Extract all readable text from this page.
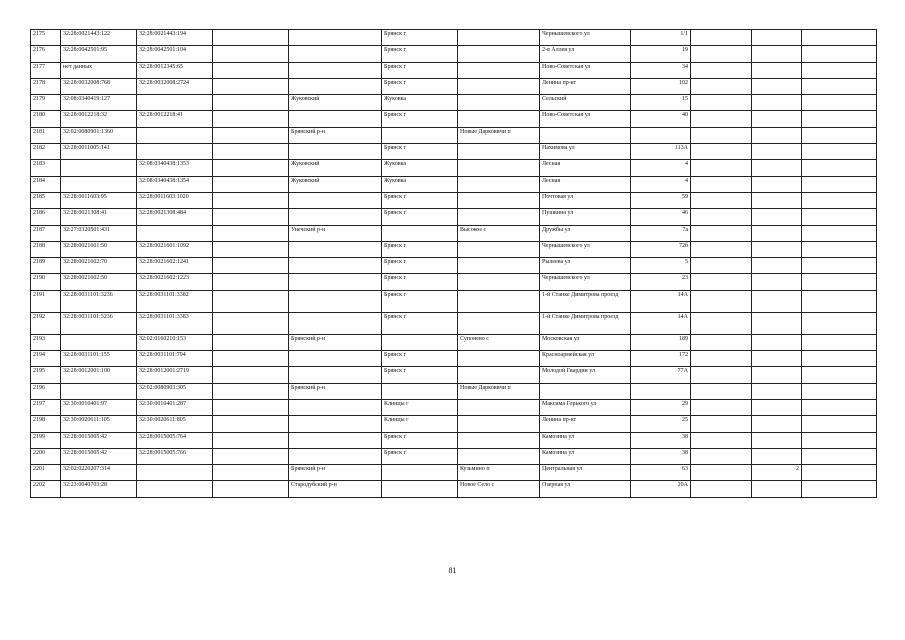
2175	32:28:0021443:122	32:28:0021443:194			Брянск г		Чернышевского ул	1/1			
2176	32:28:0042501:95	32:28:0042501:104			Брянск г		2-я Аллея ул	19			
2177	нет данных	32:28:0012345:65			Брянск г		Ново-Советская ул	34			
2178	32:28:0032008:768	32:28:0032008:2724			Брянск г		Ленина пр-кт	102			
2179	32:08:0340419:127			Жуковский	Жуковка		Сельский	15			
2180	32:28:0012218:32	32:28:0012218:41			Брянск г		Ново-Советская ул	40			
2181	32:02:0080901:1360			Брянский р-н		Новые Дарковичи п					
2182	32:28:0011005:141				Брянск г		Нахимова ул	113А			
2183		32:08:0340438:1353		Жуковский	Жуковка		Лесная	4			
2184		32:08:0340438:1354		Жуковский	Жуковка		Лесная	4			
2185	32:28:0011603:95	32:28:0011603:1020			Брянск г		Почтовая ул	59			
2186	32:28:0021308:41	32:28:0021308:484			Брянск г		Пушкина ул	46			
2187	32:27:0320501:431			Унечский р-н		Высокое с	Дружбы ул	7а			
2188	32:28:0021601:50	32:28:0021601:1092			Брянск г		Чернышевского ул	72б			
2189	32:28:0021602:70	32:28:0021602:1241			Брянск г		Рылеева ул	5			
2190	32:28:0021602:50	32:28:0021602:1223			Брянск г		Чернышевского ул	23			
2191	32:28:0031101:3236	32:28:0031101:3382			Брянск г		1-й Станке Димитрова проезд	14А			
2192	32:28:0031101:3236	32:28:0031101:3383			Брянск г		1-й Станке Димитрова проезд	14А			
2193		32:02:0160210:153		Брянский р-н		Супонево с	Московская ул	189			
2194	32:28:0031101:155	32:28:0031101:794			Брянск г		Красноармейская ул	172			
2195	32:28:0012001:100	32:28:0012001:2719			Брянск г		Молодой Гвардии ул	77А			
2196		32:02:0080903:305		Брянский р-н		Новые Дарковичи п					
2197	32:30:0010401:97	32:30:0010401:287			Клинцы г		Максима Горького ул	29			
2198	32:30:0020611:105	32:30:0020611:805			Клинцы г		Ленина пр-кт	25			
2199	32:28:0015005:42	32:28:0015005:764			Брянск г		Камозина ул	38			
2200	32:28:0015005:42	32:28:0015005:766			Брянск г		Камозина ул	38			
2201	32:02:0220207:314			Брянский р-н		Кузьмино п	Центральная ул	63		2	
2202	32:23:0040703:28			Стародубский р-н		Новое Село с	Озерная ул	20А			
81
